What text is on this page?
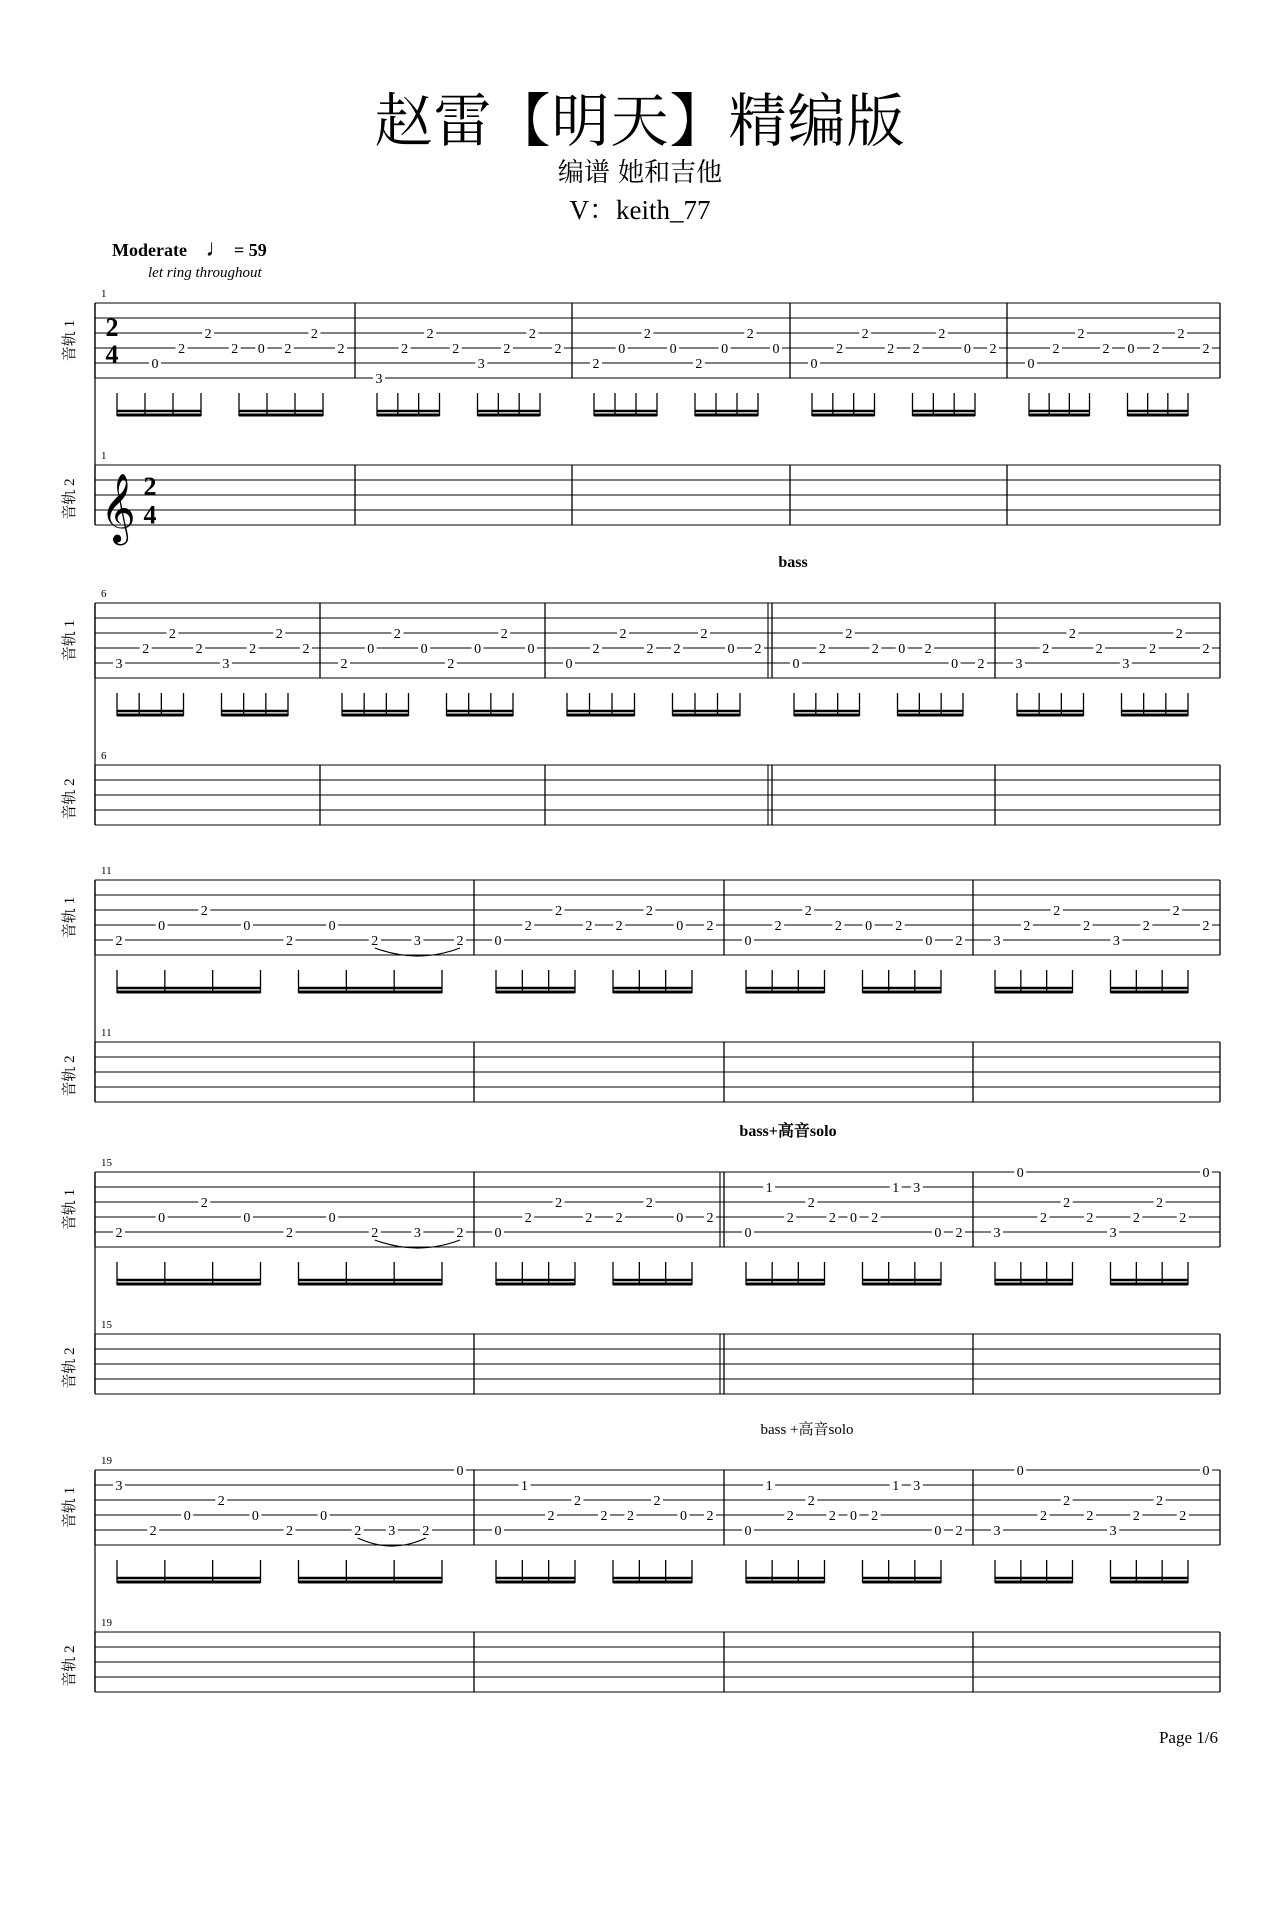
赵雷【明天】精编版
编谱 她和吉他
V：keith_77
Moderate ♩ = 59
let ring throughout
1
1
音轨 1
音轨 2
2
4
𝄞 2
4
0
2
2
2 0 2
2
2
3
2
2
2
3
2
2
2
2
0
2
0
2
0
2
0
0
2
2
2 2
2
0 2
0
2
2
2 0 2
2
2
6
6
音轨 1
音轨 2
bass
3
2
2
2
3
2
2
2
2
0
2
0
2
0
2
0
0
2
2
2 2
2
0 2
0
2
2
2 0 2
0 2 3
2
2
2
3
2
2
2
11
11
音轨 1
音轨 2
2
0
2
0
2
0
2	3	2 0
2
2
2 2
2
0 2
0
2
2
2 0 2
0 2 3
2
2
2
3
2
2
2
15
15
音轨 1
音轨 2
bass+高音solo
2
0
2
0
2
0
2	3	2 0
2
2
2 2
2
0 2
0
1
2
2
2 0 2
1 3
0 2 3
0
2
2
2
3
2
2
2
0
19
19
音轨 1
音轨 2
bass +高音solo
3
2
0
2
0
2
0
2 3 2
0
0
1
2
2
2 2
2
0 2
0
1
2
2
2 0 2
1 3
0 2 3
0
2
2
2
3
2
2
2
0
Page 1/6
